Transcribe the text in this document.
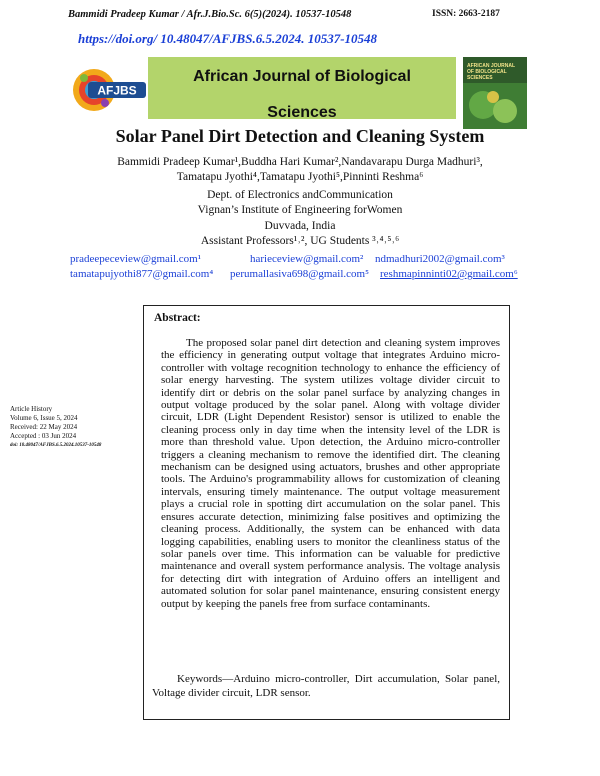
Bammidi Pradeep Kumar / Afr.J.Bio.Sc. 6(5)(2024). 10537-10548	ISSN: 2663-2187
https://doi.org/ 10.48047/AFJBS.6.5.2024. 10537-10548
AFJBS
African Journal of Biological
Sciences
AFRICAN JOURNAL OF BIOLOGICAL SCIENCES
Solar Panel Dirt Detection and Cleaning System
Bammidi Pradeep Kumar¹,Buddha Hari Kumar²,Nandavarapu Durga Madhuri³,
Tamatapu Jyothi⁴,Tamatapu Jyothi⁵,Pinninti Reshma⁶
Dept. of Electronics andCommunication
Vignan’s Institute of Engineering forWomen
Duvvada, India
Assistant Professors¹˒², UG Students ³˒⁴˒⁵˒⁶
pradeepeceview@gmail.com¹	harieceview@gmail.com² ndmadhuri2002@gmail.com³
tamatapujyothi877@gmail.com⁴ perumallasiva698@gmail.com⁵ reshmapinninti02@gmail.com⁶
Article History
Volume 6, Issue 5, 2024
Received: 22 May 2024
Accepted : 03 Jun 2024
doi: 10.48047/AFJBS.6.5.2024.10537-10548
Abstract:
The proposed solar panel dirt detection and cleaning system improves the efficiency in generating output voltage that integrates Arduino micro-controller with voltage recognition technology to enhance the efficiency of solar energy harvesting. The system utilizes voltage divider circuit to identify dirt or debris on the solar panel surface by analyzing changes in output voltage produced by the solar panel. Along with voltage divider circuit, LDR (Light Dependent Resistor) sensor is utilized to enable the cleaning process only in day time when the intensity level of the LDR is more than threshold value. Upon detection, the Arduino micro-controller triggers a cleaning mechanism to remove the identified dirt. The cleaning mechanism can be designed using actuators, brushes and other appropriate tools. The Arduino's programmability allows for customization of cleaning intervals, ensuring timely maintenance. The output voltage measurement plays a crucial role in spotting dirt accumulation on the solar panel. This ensures accurate detection, minimizing false positives and optimizing the cleaning process. Additionally, the system can be enhanced with data logging capabilities, enabling users to monitor the cleanliness status of the solar panels over time. This information can be valuable for predictive maintenance and overall system performance analysis. The voltage analysis for detecting dirt with integration of Arduino offers an intelligent and automated solution for solar panel maintenance, ensuring consistent energy output by keeping the panels free from surface contaminants.
Keywords—Arduino micro-controller, Dirt accumulation, Solar panel, Voltage divider circuit, LDR sensor.
